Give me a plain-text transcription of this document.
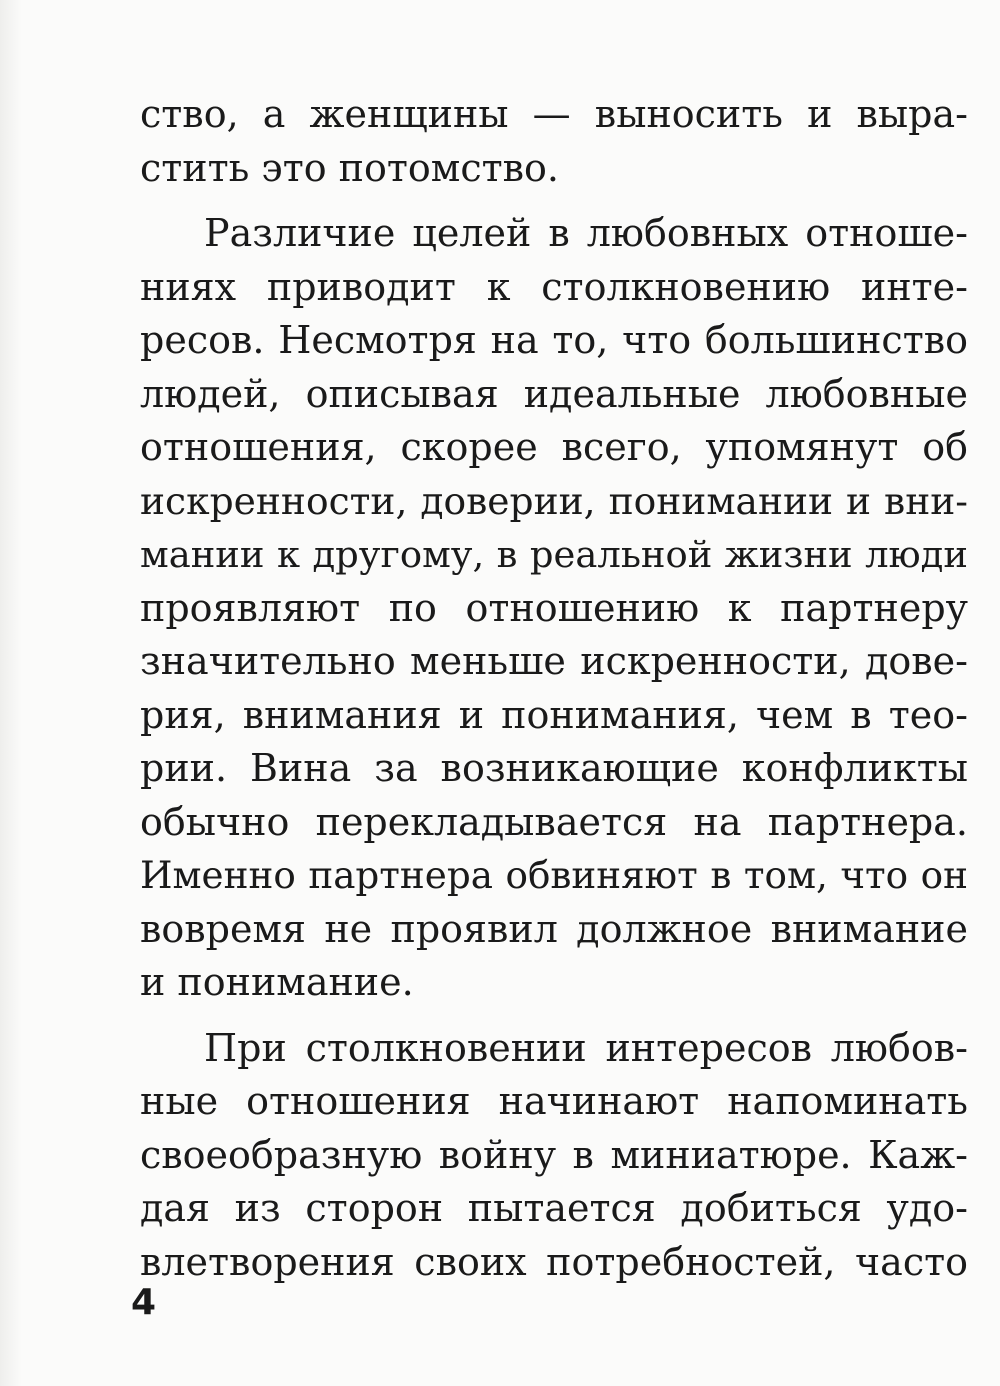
ство, а женщины — выносить и выра-
стить это потомство.
Различие целей в любовных отноше-
ниях приводит к столкновению инте-
ресов. Несмотря на то, что большинство
людей, описывая идеальные любовные
отношения, скорее всего, упомянут об
искренности, доверии, понимании и вни-
мании к другому, в реальной жизни люди
проявляют по отношению к партнеру
значительно меньше искренности, дове-
рия, внимания и понимания, чем в тео-
рии. Вина за возникающие конфликты
обычно перекладывается на партнера.
Именно партнера обвиняют в том, что он
вовремя не проявил должное внимание
и понимание.
При столкновении интересов любов-
ные отношения начинают напоминать
своеобразную войну в миниатюре. Каж-
дая из сторон пытается добиться удо-
влетворения своих потребностей, часто
4
